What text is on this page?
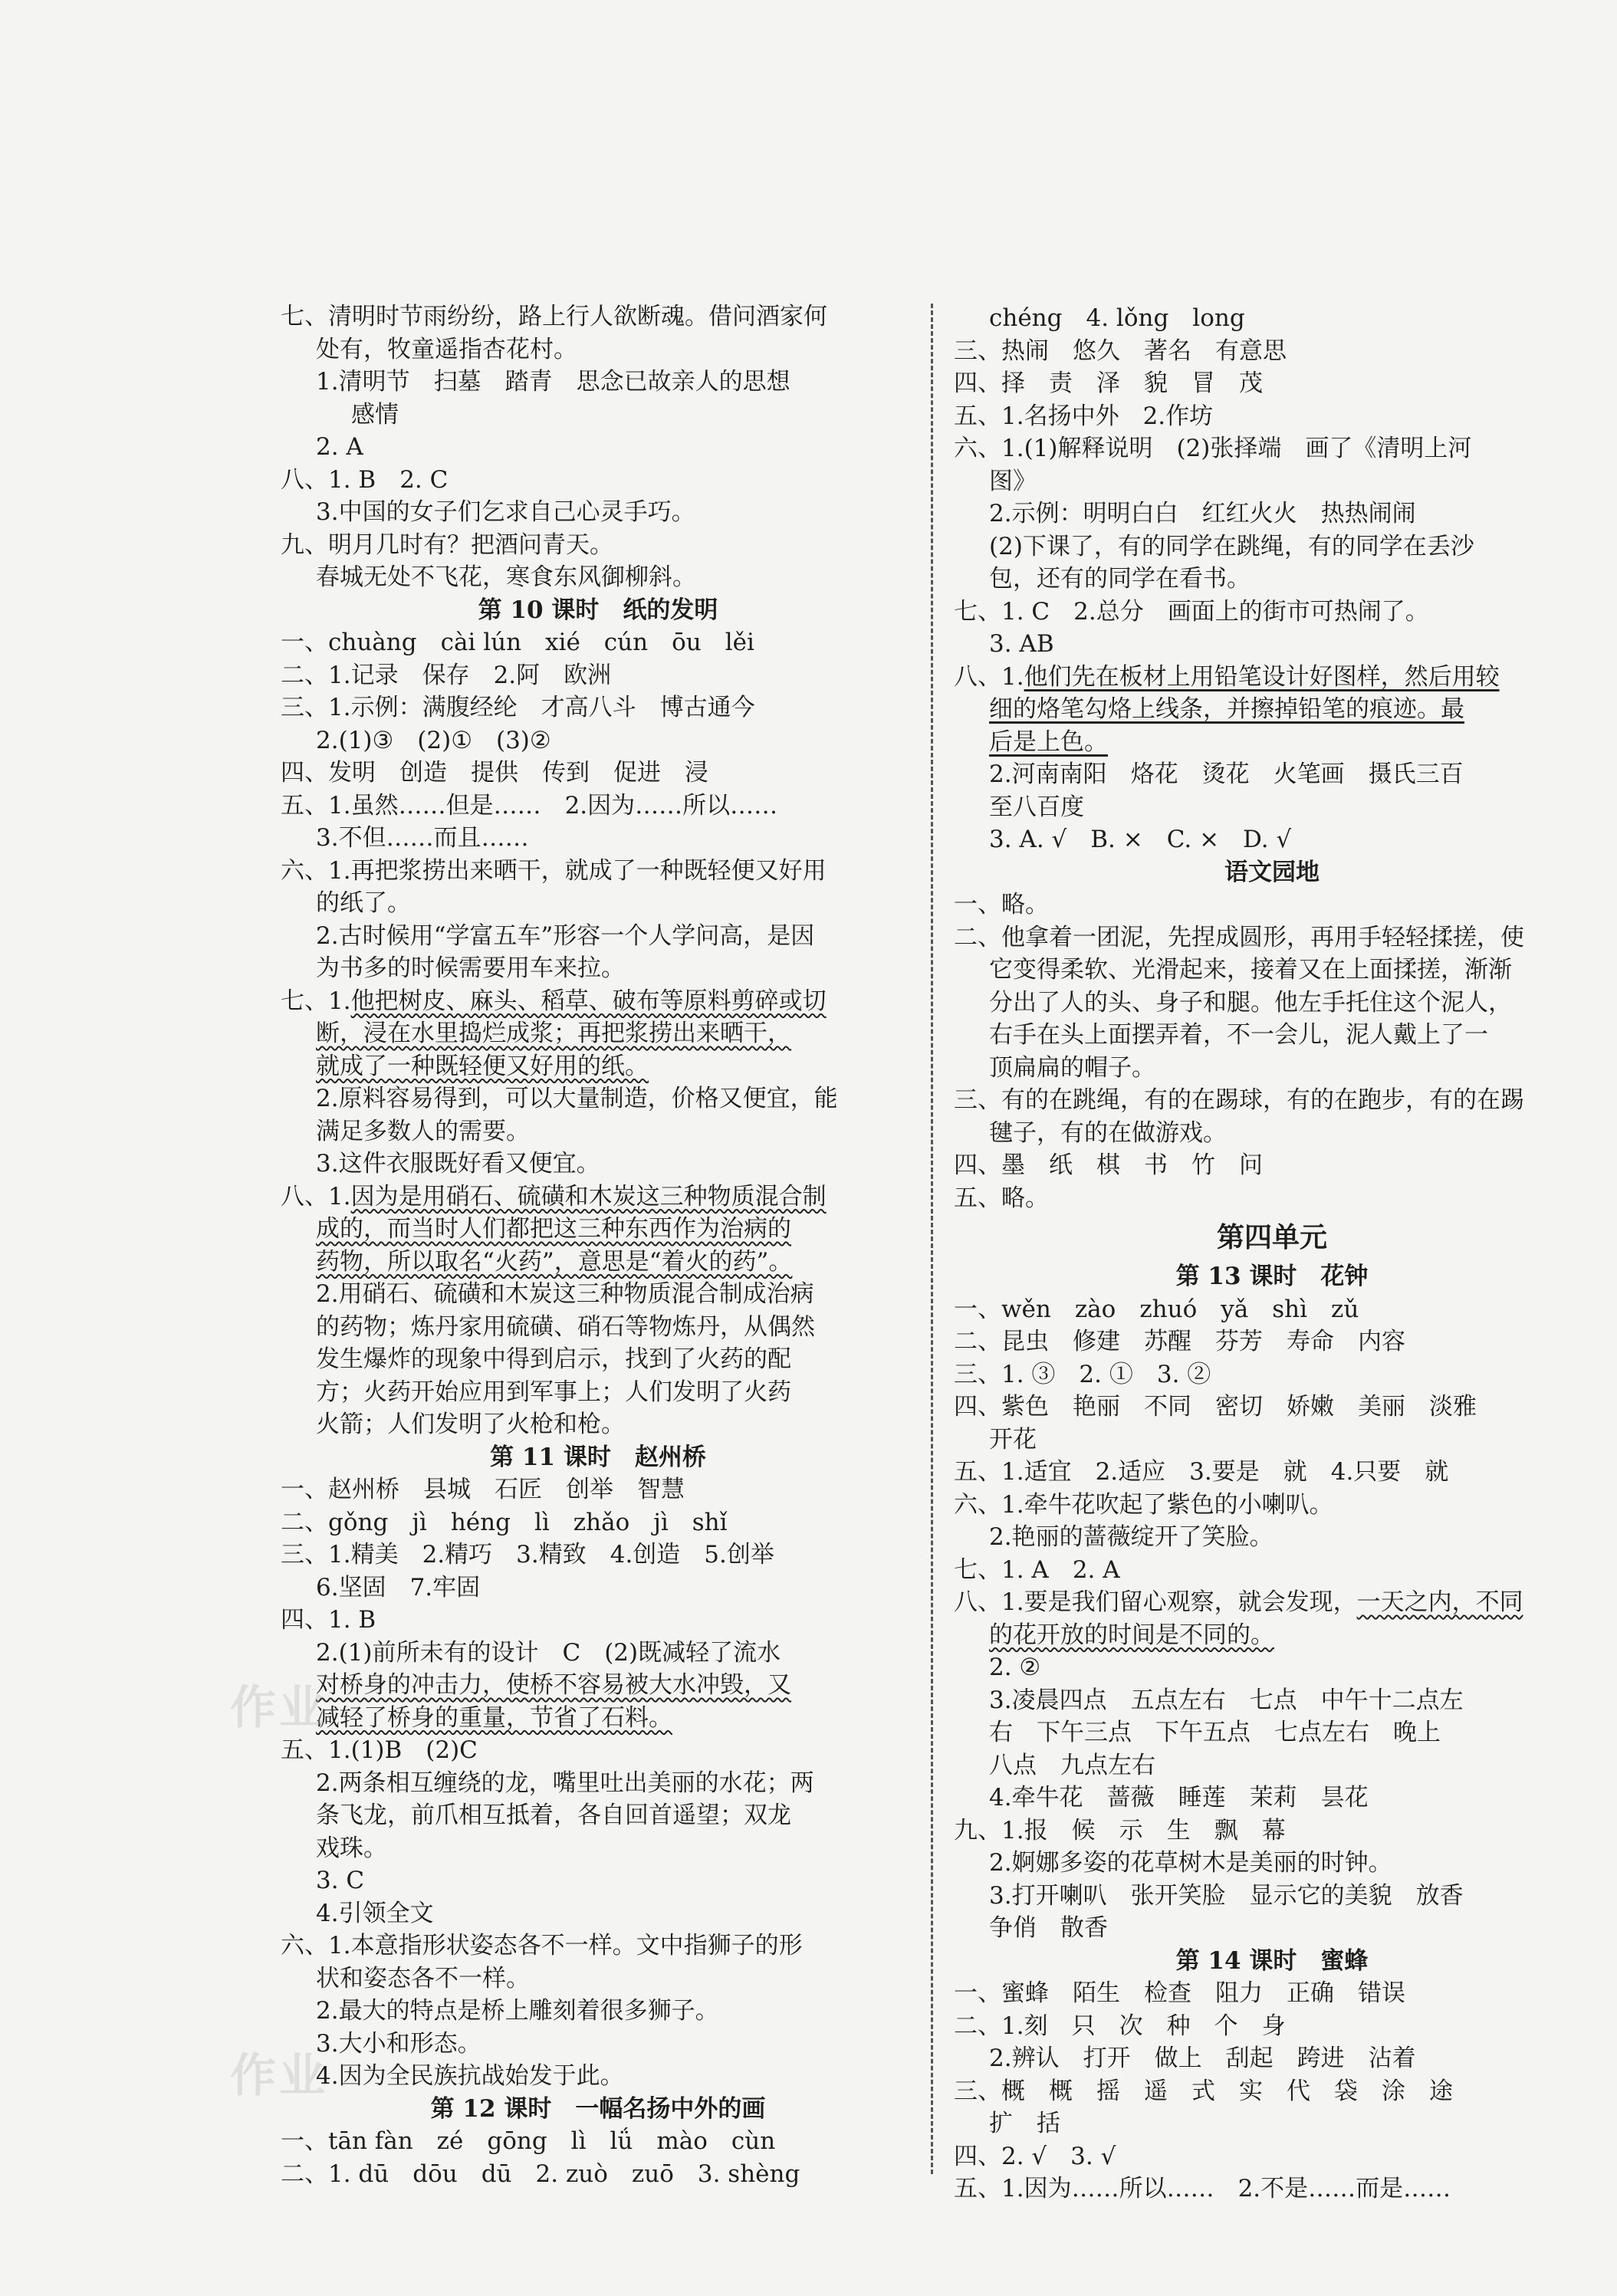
七、清明时节雨纷纷，路上行人欲断魂。借问酒家何
处有，牧童遥指杏花村。
1.清明节　扫墓　踏青　思念已故亲人的思想
感情
2. A
八、1. B　2. C
3.中国的女子们乞求自己心灵手巧。
九、明月几时有？把酒问青天。
春城无处不飞花，寒食东风御柳斜。
第 10 课时　纸的发明
一、chuàng　cài lún　xié　cún　ōu　lěi
二、1.记录　保存　2.阿　欧洲
三、1.示例：满腹经纶　才高八斗　博古通今
2.(1)③　(2)①　(3)②
四、发明　创造　提供　传到　促进　浸
五、1.虽然……但是……　2.因为……所以……
3.不但……而且……
六、1.再把浆捞出来晒干，就成了一种既轻便又好用
的纸了。
2.古时候用“学富五车”形容一个人学问高，是因
为书多的时候需要用车来拉。
七、1.他把树皮、麻头、稻草、破布等原料剪碎或切
断，浸在水里捣烂成浆；再把浆捞出来晒干，
就成了一种既轻便又好用的纸。
2.原料容易得到，可以大量制造，价格又便宜，能
满足多数人的需要。
3.这件衣服既好看又便宜。
八、1.因为是用硝石、硫磺和木炭这三种物质混合制
成的，而当时人们都把这三种东西作为治病的
药物，所以取名“火药”，意思是“着火的药”。
2.用硝石、硫磺和木炭这三种物质混合制成治病
的药物；炼丹家用硫磺、硝石等物炼丹，从偶然
发生爆炸的现象中得到启示，找到了火药的配
方；火药开始应用到军事上；人们发明了火药
火箭；人们发明了火枪和枪。
第 11 课时　赵州桥
一、赵州桥　县城　石匠　创举　智慧
二、gǒng　jì　héng　lì　zhǎo　jì　shǐ
三、1.精美　2.精巧　3.精致　4.创造　5.创举
6.坚固　7.牢固
四、1. B
2.(1)前所未有的设计　C　(2)既减轻了流水
对桥身的冲击力，使桥不容易被大水冲毁，又
减轻了桥身的重量，节省了石料。
五、1.(1)B　(2)C
2.两条相互缠绕的龙，嘴里吐出美丽的水花；两
条飞龙，前爪相互抵着，各自回首遥望；双龙
戏珠。
3. C
4.引领全文
六、1.本意指形状姿态各不一样。文中指狮子的形
状和姿态各不一样。
2.最大的特点是桥上雕刻着很多狮子。
3.大小和形态。
4.因为全民族抗战始发于此。
第 12 课时　一幅名扬中外的画
一、tān fàn　zé　gōng　lì　lǘ　mào　cùn
二、1. dū　dōu　dū　2. zuò　zuō　3. shèng
chéng　4. lǒng　long
三、热闹　悠久　著名　有意思
四、择　责　泽　貌　冒　茂
五、1.名扬中外　2.作坊
六、1.(1)解释说明　(2)张择端　画了《清明上河
图》
2.示例：明明白白　红红火火　热热闹闹
(2)下课了，有的同学在跳绳，有的同学在丢沙
包，还有的同学在看书。
七、1. C　2.总分　画面上的街市可热闹了。
3. AB
八、1.他们先在板材上用铅笔设计好图样，然后用较
细的烙笔勾烙上线条，并擦掉铅笔的痕迹。最
后是上色。
2.河南南阳　烙花　烫花　火笔画　摄氏三百
至八百度
3. A. √　B. ×　C. ×　D. √
语文园地
一、略。
二、他拿着一团泥，先捏成圆形，再用手轻轻揉搓，使
它变得柔软、光滑起来，接着又在上面揉搓，渐渐
分出了人的头、身子和腿。他左手托住这个泥人，
右手在头上面摆弄着，不一会儿，泥人戴上了一
顶扁扁的帽子。
三、有的在跳绳，有的在踢球，有的在跑步，有的在踢
毽子，有的在做游戏。
四、墨　纸　棋　书　竹　问
五、略。
第四单元
第 13 课时　花钟
一、wěn　zào　zhuó　yǎ　shì　zǔ
二、昆虫　修建　苏醒　芬芳　寿命　内容
三、1. ③　2. ①　3. ②
四、紫色　艳丽　不同　密切　娇嫩　美丽　淡雅
开花
五、1.适宜　2.适应　3.要是　就　4.只要　就
六、1.牵牛花吹起了紫色的小喇叭。
2.艳丽的蔷薇绽开了笑脸。
七、1. A　2. A
八、1.要是我们留心观察，就会发现，一天之内，不同
的花开放的时间是不同的。
2. ②
3.凌晨四点　五点左右　七点　中午十二点左
右　下午三点　下午五点　七点左右　晚上
八点　九点左右
4.牵牛花　蔷薇　睡莲　茉莉　昙花
九、1.报　候　示　生　飘　幕
2.婀娜多姿的花草树木是美丽的时钟。
3.打开喇叭　张开笑脸　显示它的美貌　放香
争俏　散香
第 14 课时　蜜蜂
一、蜜蜂　陌生　检查　阻力　正确　错误
二、1.刻　只　次　种　个　身
2.辨认　打开　做上　刮起　跨进　沾着
三、概　概　摇　遥　式　实　代　袋　涂　途
扩　括
四、2. √　3. √
五、1.因为……所以……　2.不是……而是……
作业
作业
